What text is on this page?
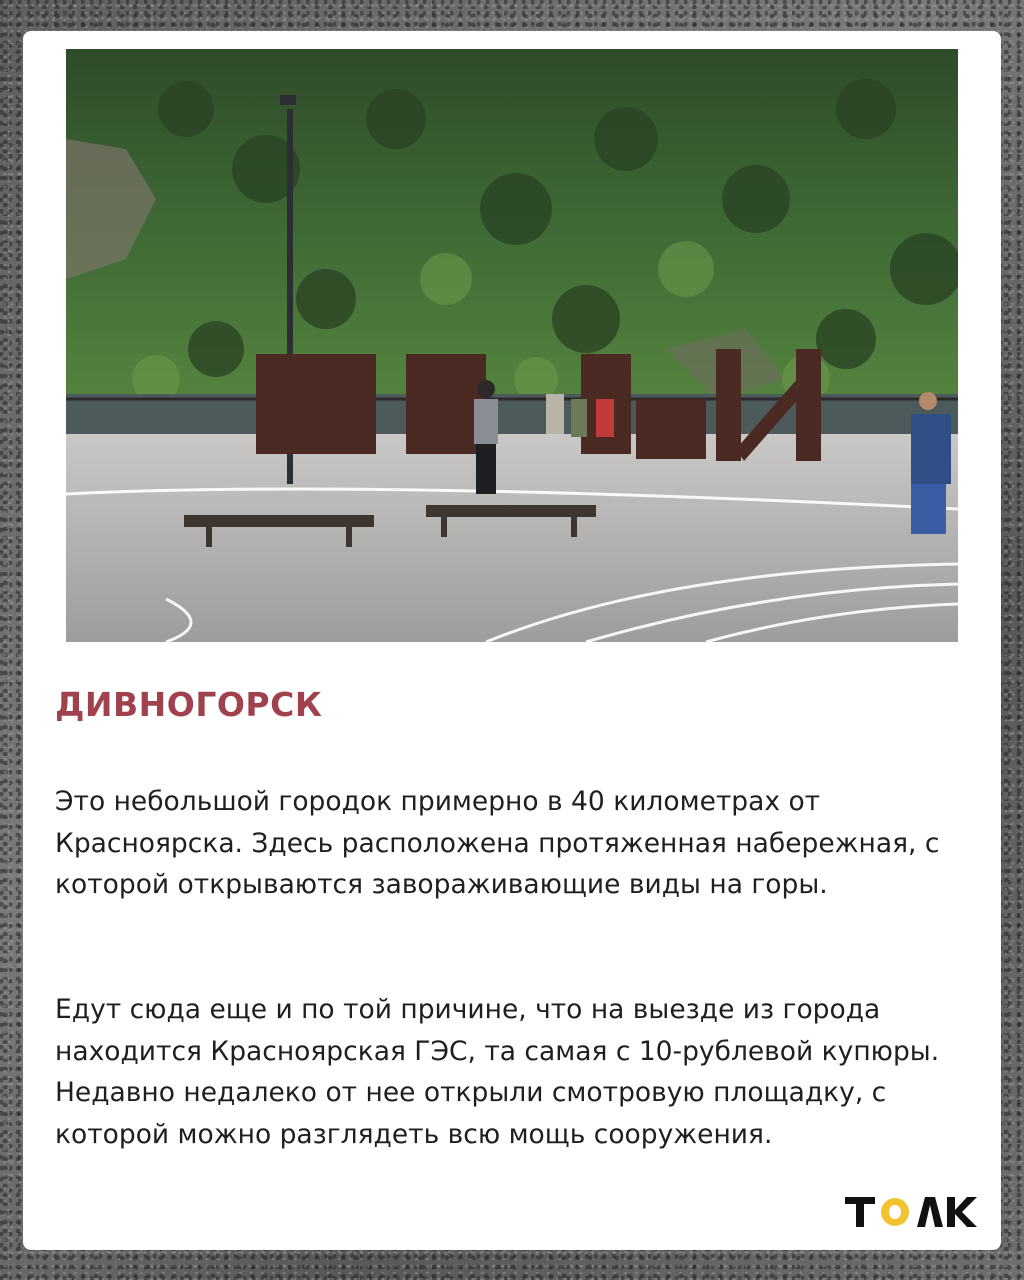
ДИВНОГОРСК

Это небольшой городок примерно в 40 километрах от Красноярска. Здесь расположена протяженная набережная, с которой открываются завораживающие виды на горы.

Едут сюда еще и по той причине, что на выезде из города находится Красноярская ГЭС, та самая с 10-рублевой купюры. Недавно недалеко от нее открыли смотровую площадку, с которой можно разглядеть всю мощь сооружения.
